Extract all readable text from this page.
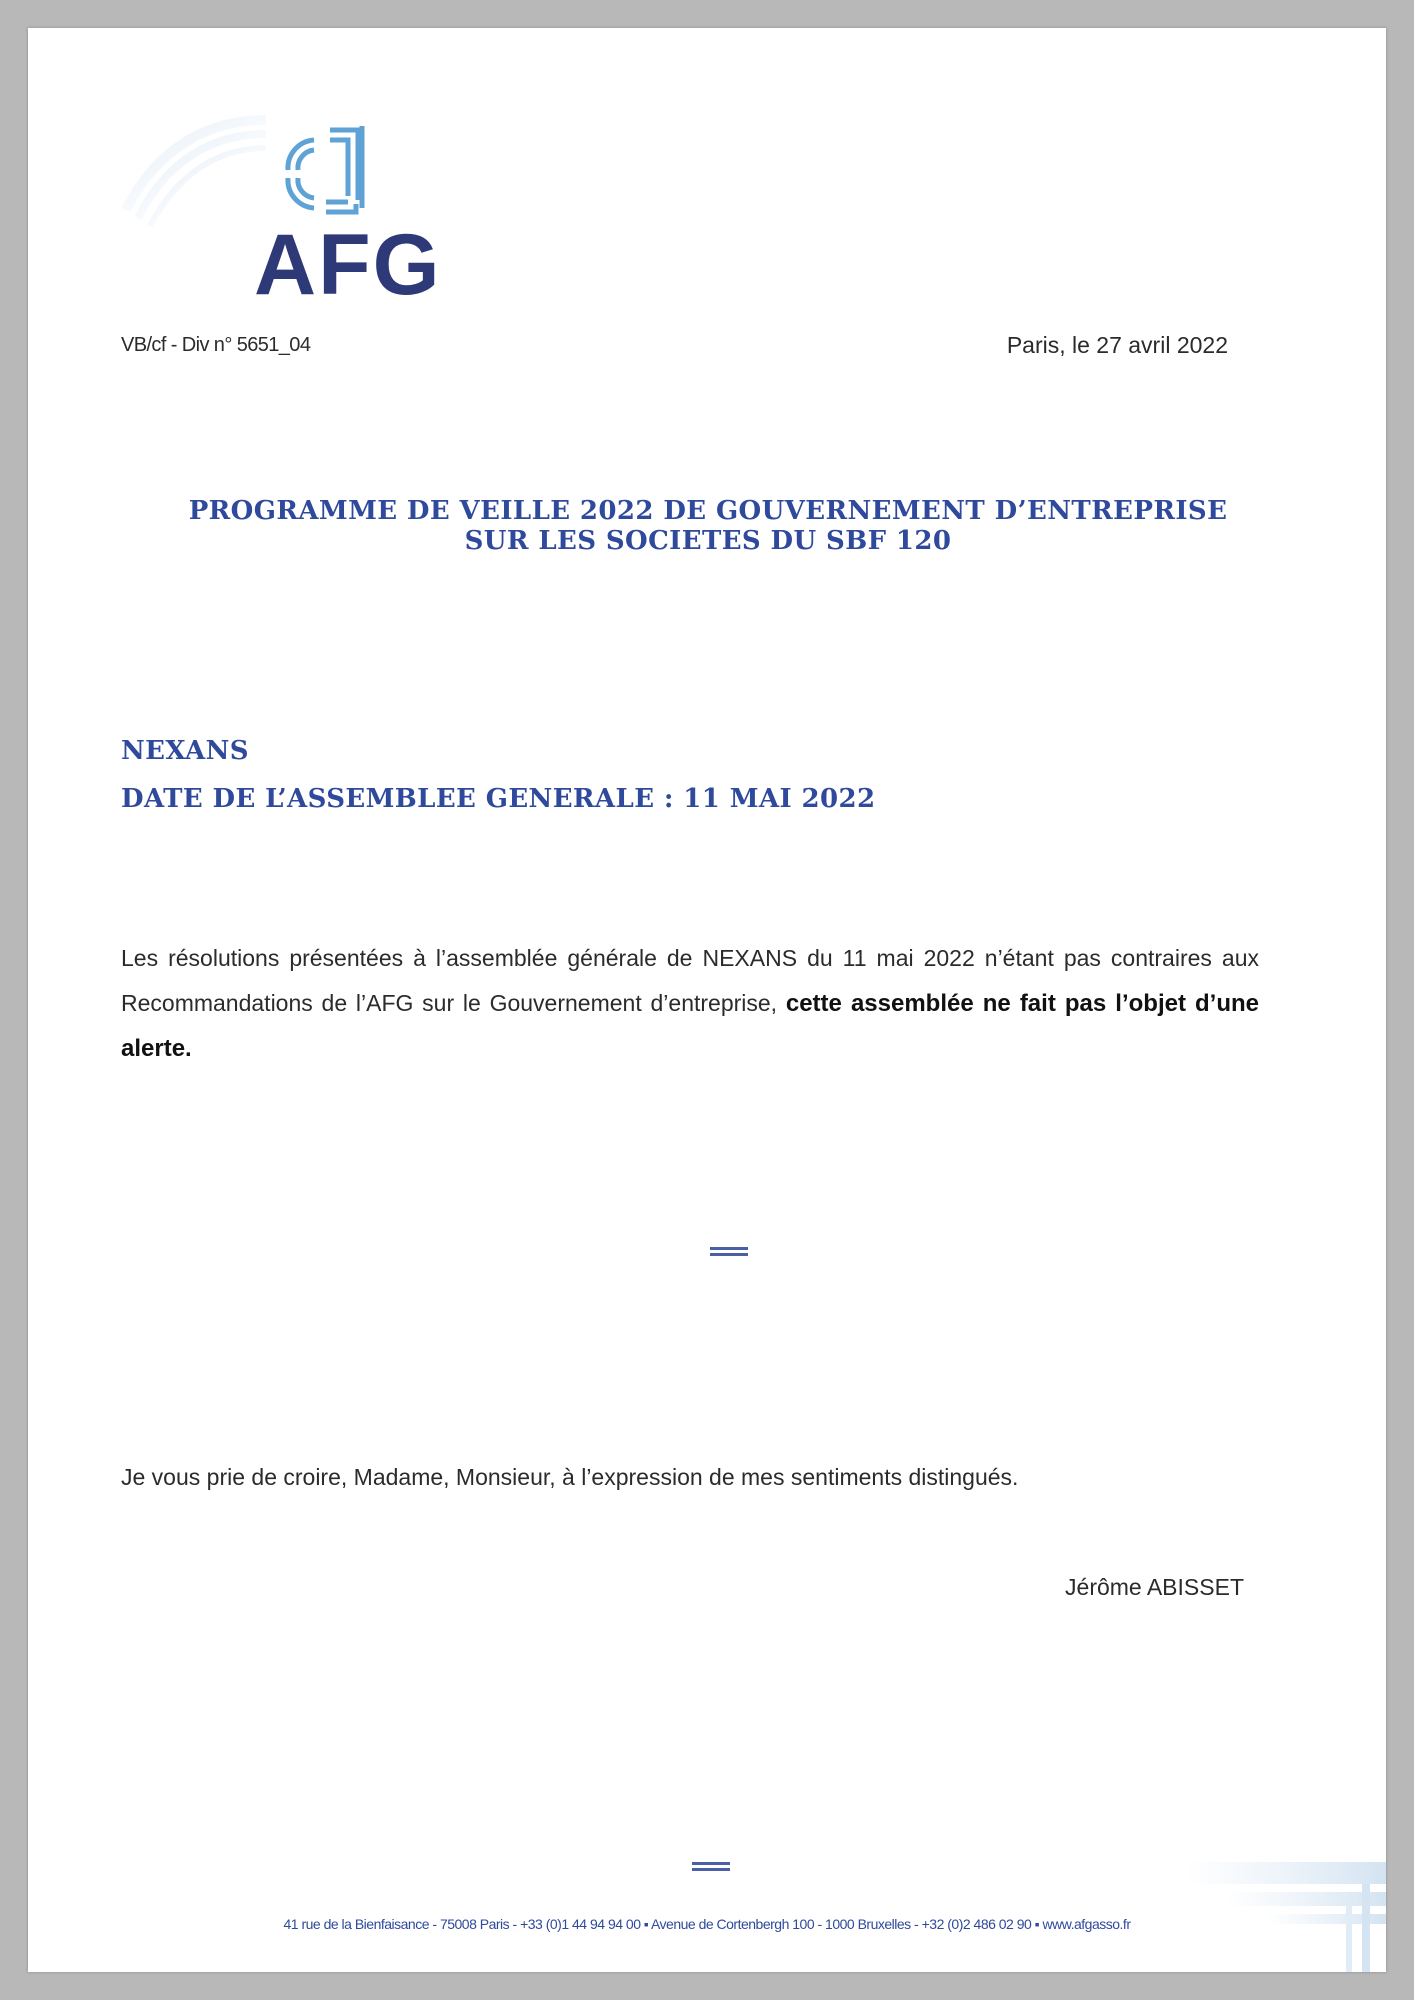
AFG
VB/cf - Div n° 5651_04	Paris, le 27 avril 2022
PROGRAMME DE VEILLE 2022 DE GOUVERNEMENT D’ENTREPRISE
SUR LES SOCIETES DU SBF 120
NEXANS
DATE DE L’ASSEMBLEE GENERALE : 11 MAI 2022
Les résolutions présentées à l’assemblée générale de NEXANS du 11 mai 2022 n’étant pas contraires aux Recommandations de l’AFG sur le Gouvernement d’entreprise, cette assemblée ne fait pas l’objet d’une alerte.
Je vous prie de croire, Madame, Monsieur, à l’expression de mes sentiments distingués.
Jérôme ABISSET
41 rue de la Bienfaisance - 75008 Paris - +33 (0)1 44 94 94 00 ▪ Avenue de Cortenbergh 100 - 1000 Bruxelles - +32 (0)2 486 02 90 ▪ www.afgasso.fr
